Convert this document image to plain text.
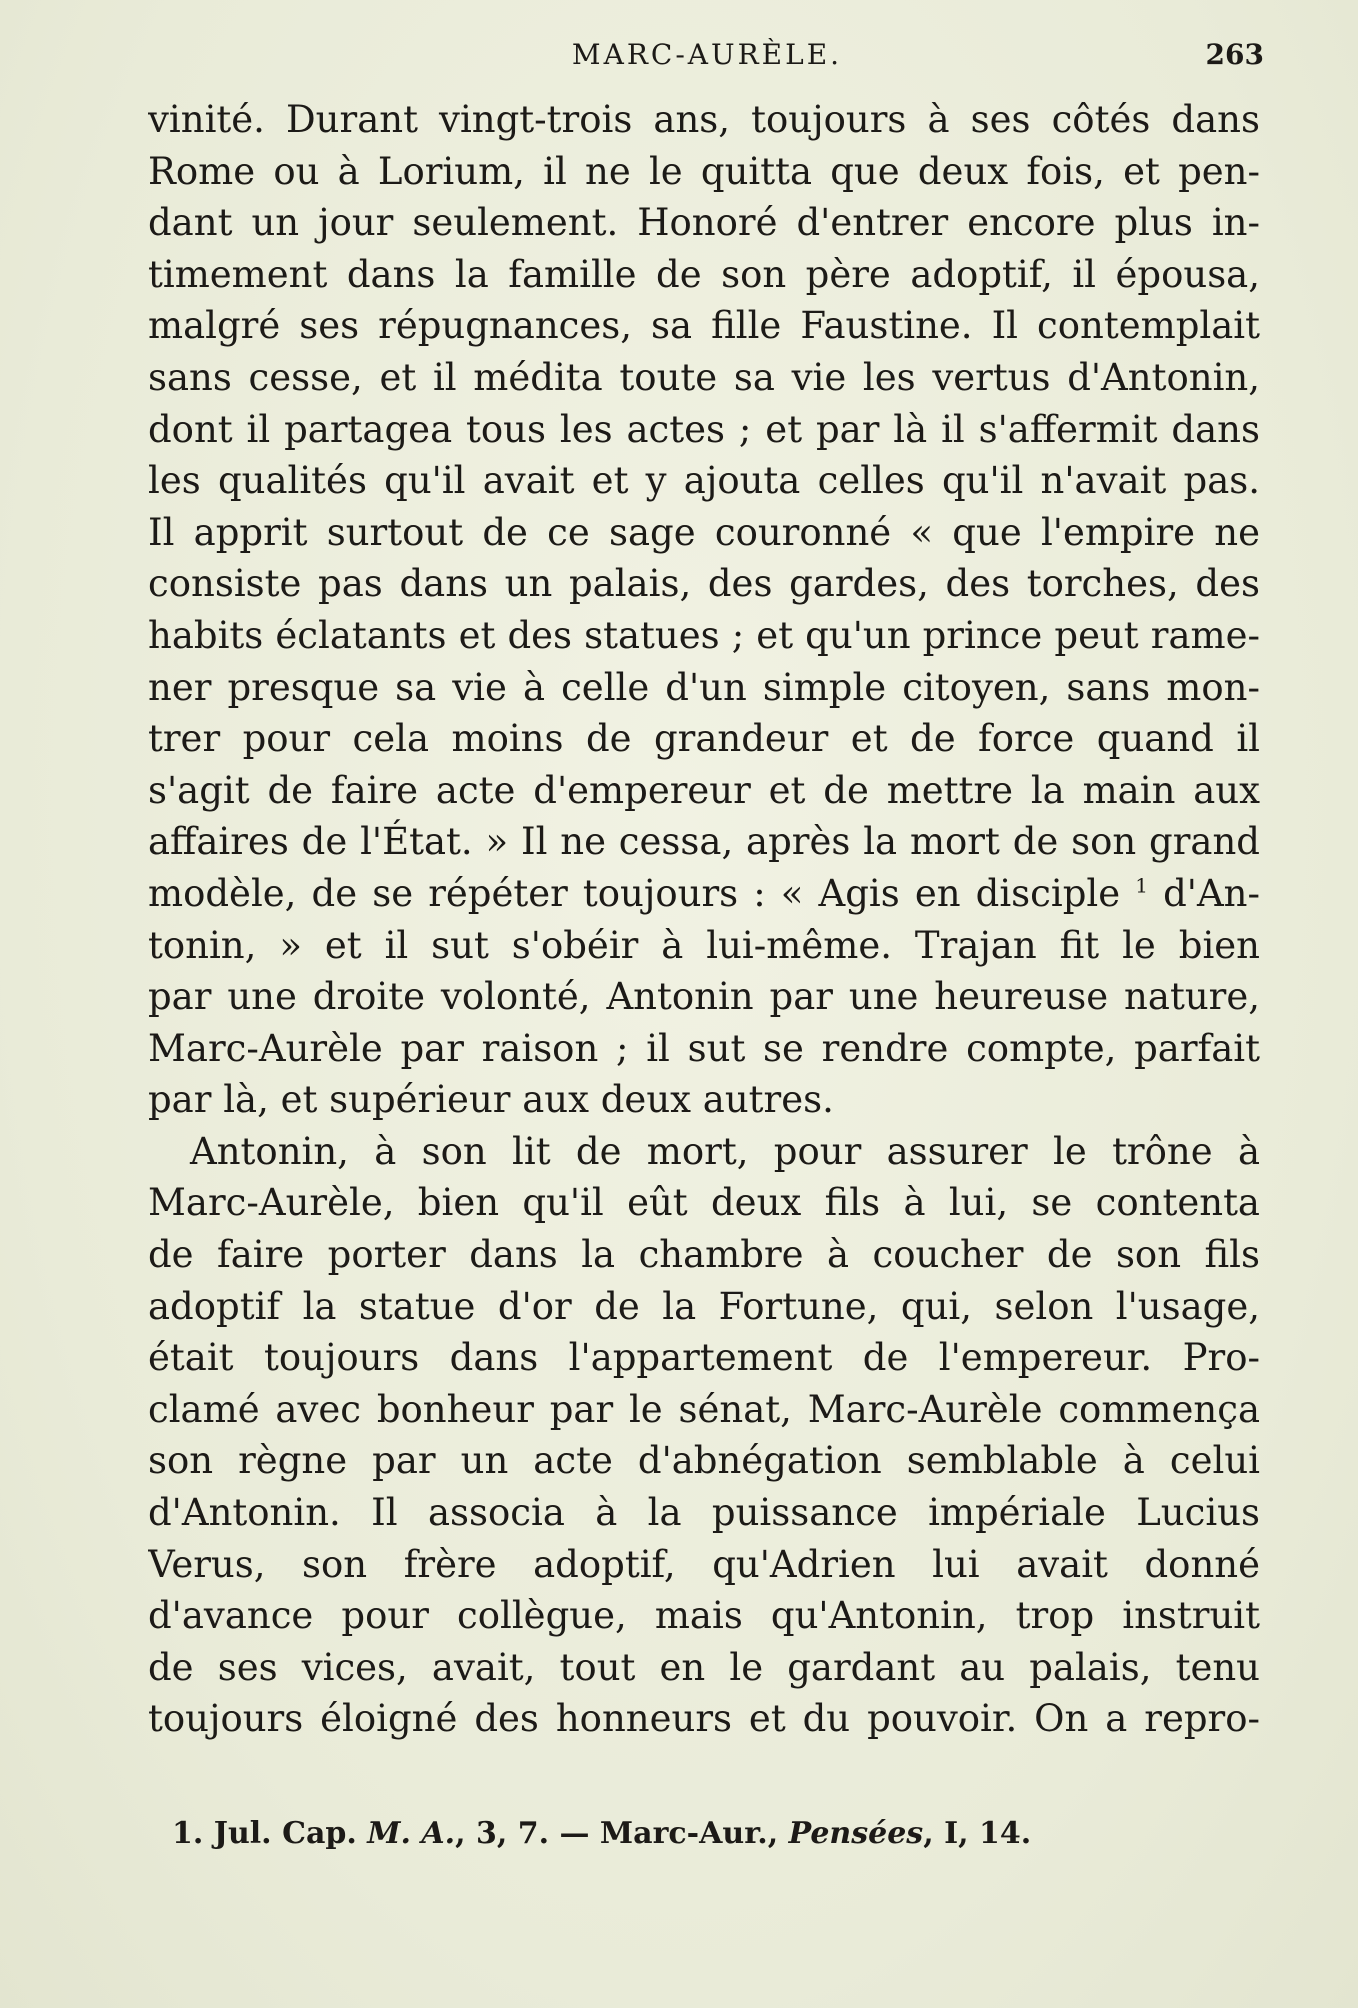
MARC-AURÈLE.	263
vinité. Durant vingt-trois ans, toujours à ses côtés dans
Rome ou à Lorium, il ne le quitta que deux fois, et pen-
dant un jour seulement. Honoré d'entrer encore plus in-
timement dans la famille de son père adoptif, il épousa,
malgré ses répugnances, sa fille Faustine. Il contemplait
sans cesse, et il médita toute sa vie les vertus d'Antonin,
dont il partagea tous les actes ; et par là il s'affermit dans
les qualités qu'il avait et y ajouta celles qu'il n'avait pas.
Il apprit surtout de ce sage couronné « que l'empire ne
consiste pas dans un palais, des gardes, des torches, des
habits éclatants et des statues ; et qu'un prince peut rame-
ner presque sa vie à celle d'un simple citoyen, sans mon-
trer pour cela moins de grandeur et de force quand il
s'agit de faire acte d'empereur et de mettre la main aux
affaires de l'État. » Il ne cessa, après la mort de son grand
modèle, de se répéter toujours : « Agis en disciple $^1$ d'An-
tonin, » et il sut s'obéir à lui-même. Trajan fit le bien
par une droite volonté, Antonin par une heureuse nature,
Marc-Aurèle par raison ; il sut se rendre compte, parfait
par là, et supérieur aux deux autres.
Antonin, à son lit de mort, pour assurer le trône à
Marc-Aurèle, bien qu'il eût deux fils à lui, se contenta
de faire porter dans la chambre à coucher de son fils
adoptif la statue d'or de la Fortune, qui, selon l'usage,
était toujours dans l'appartement de l'empereur. Pro-
clamé avec bonheur par le sénat, Marc-Aurèle commença
son règne par un acte d'abnégation semblable à celui
d'Antonin. Il associa à la puissance impériale Lucius
Verus, son frère adoptif, qu'Adrien lui avait donné
d'avance pour collègue, mais qu'Antonin, trop instruit
de ses vices, avait, tout en le gardant au palais, tenu
toujours éloigné des honneurs et du pouvoir. On a repro-
1. Jul. Cap. M. A., 3, 7. — Marc-Aur., Pensées, I, 14.
